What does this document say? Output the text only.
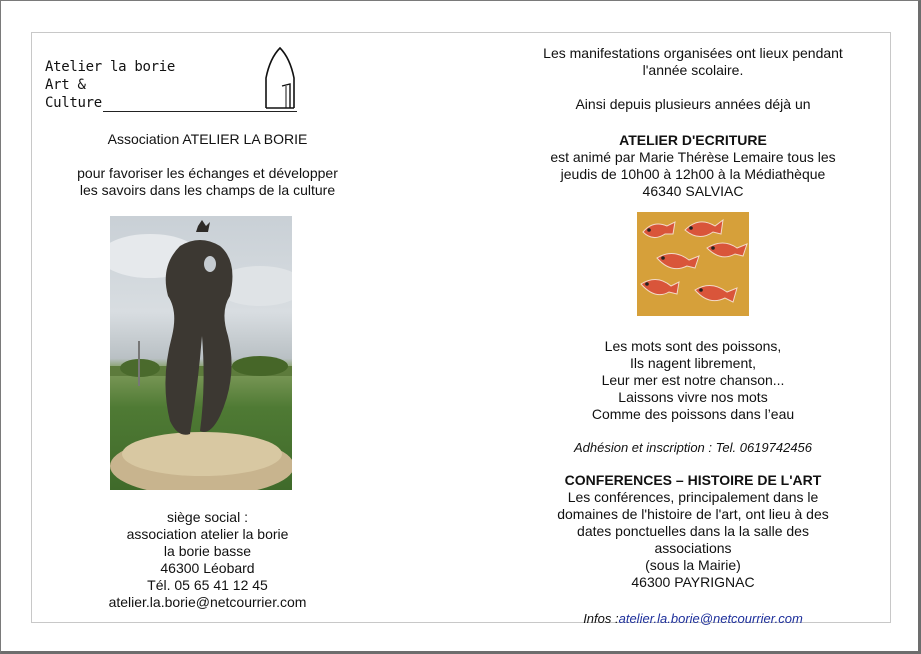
Atelier la borie
Art &
Culture
Association ATELIER LA BORIE
pour favoriser les échanges et développer
les savoirs dans les champs de la culture
siège social :
association atelier la borie
la borie basse
46300 Léobard
Tél. 05 65 41 12 45
atelier.la.borie@netcourrier.com
Les manifestations organisées ont lieux pendant
l'année scolaire.
Ainsi depuis plusieurs années déjà un
ATELIER D'ECRITURE
est animé par Marie Thérèse Lemaire tous les
jeudis de 10h00 à 12h00 à la Médiathèque
46340 SALVIAC
Les mots sont des poissons,
Ils nagent librement,
Leur mer est notre chanson...
Laissons vivre nos mots
Comme des poissons dans l’eau
Adhésion et inscription : Tel. 0619742456
CONFERENCES – HISTOIRE DE L'ART
Les conférences, principalement dans le
domaines de l'histoire de l'art, ont lieu à des
dates ponctuelles dans la la salle des
associations
(sous la Mairie)
46300 PAYRIGNAC
Infos :atelier.la.borie@netcourrier.com
